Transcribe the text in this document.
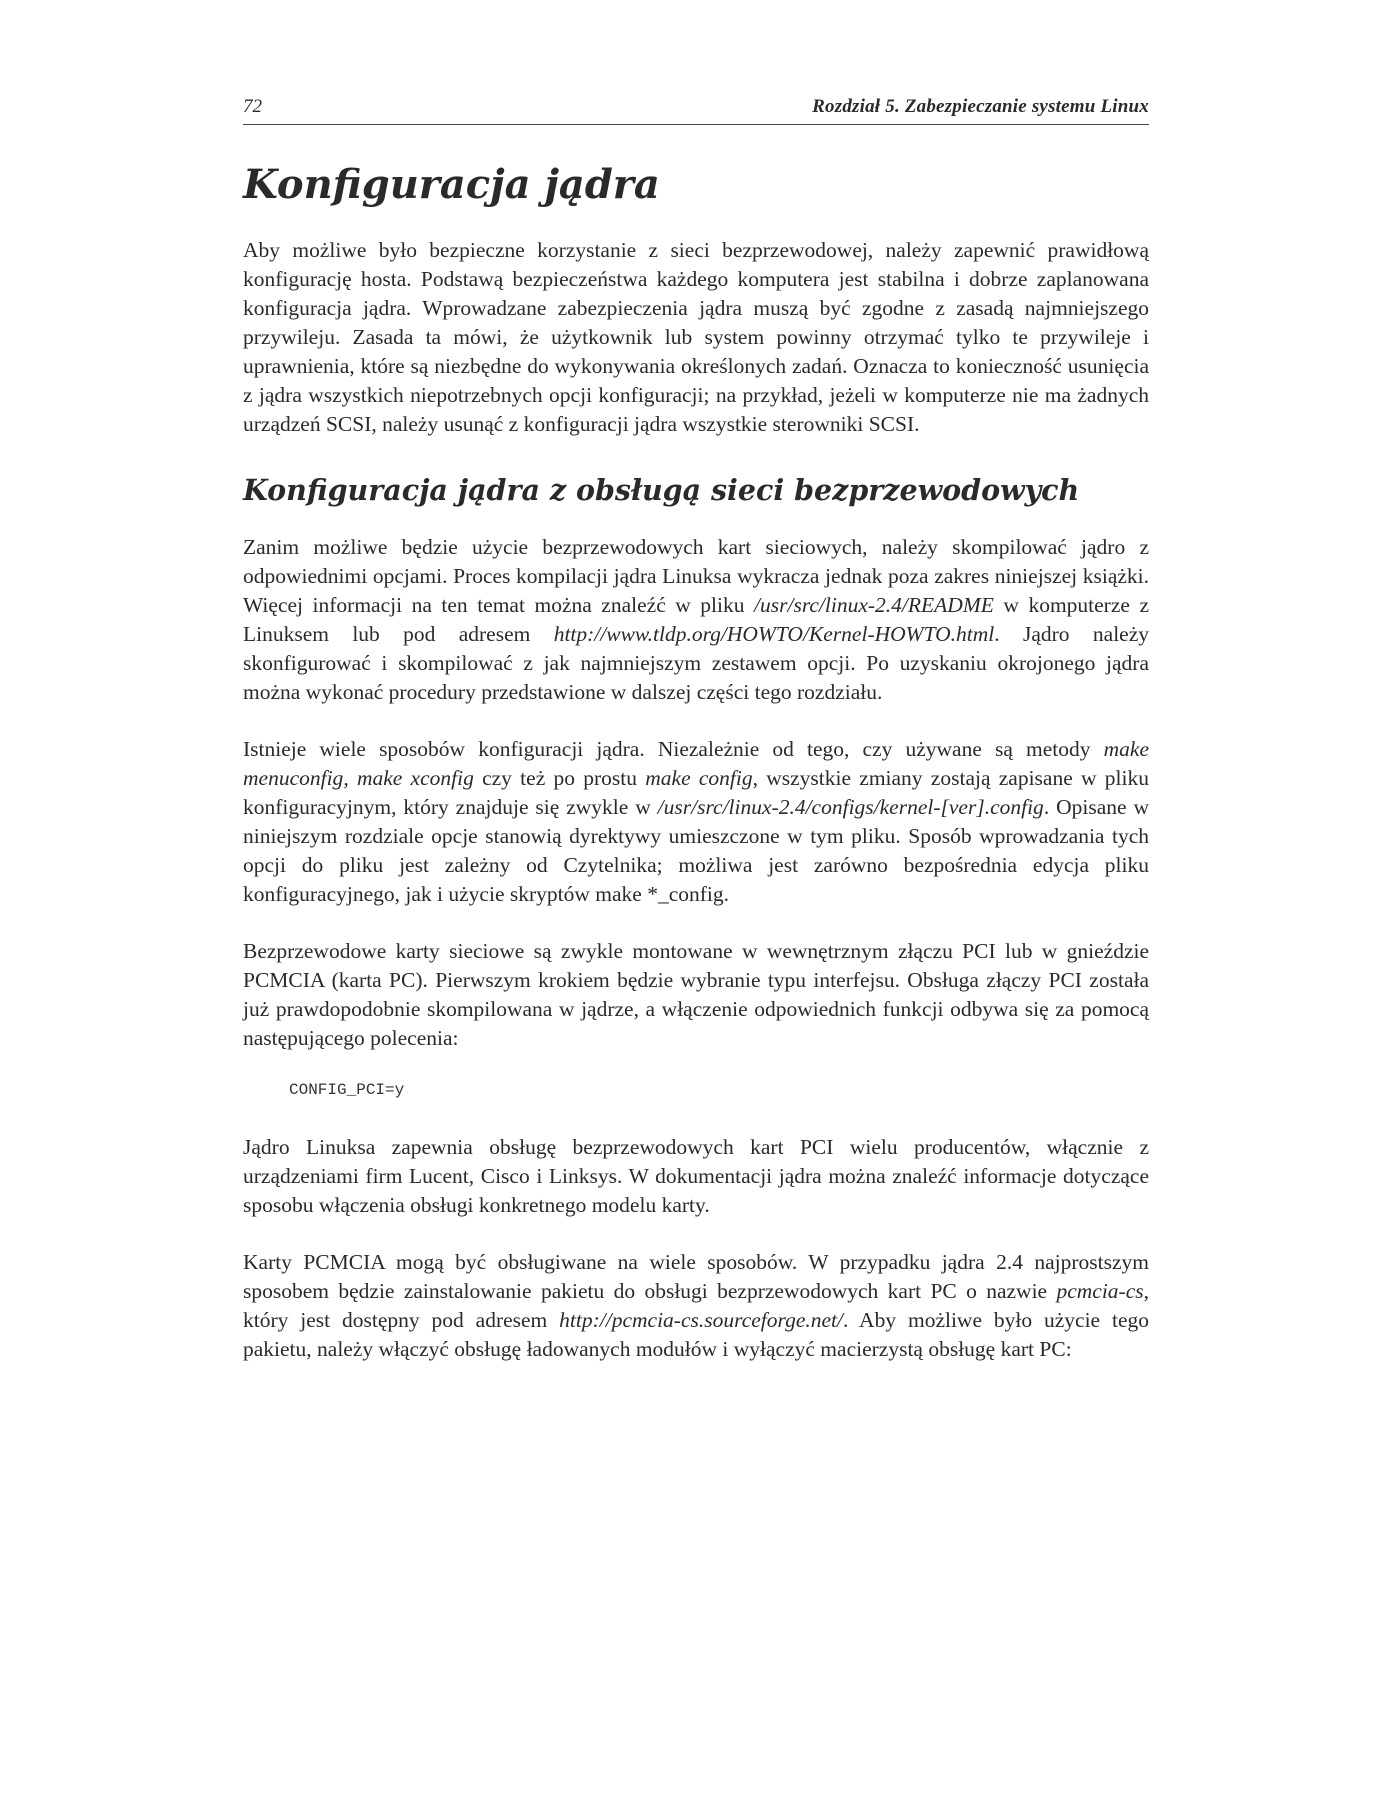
72	Rozdział 5. Zabezpieczanie systemu Linux
Konfiguracja jądra

Aby możliwe było bezpieczne korzystanie z sieci bezprzewodowej, należy zapewnić prawidłową konfigurację hosta. Podstawą bezpieczeństwa każdego komputera jest stabilna i dobrze zaplanowana konfiguracja jądra. Wprowadzane zabezpieczenia jądra muszą być zgodne z zasadą najmniejszego przywileju. Zasada ta mówi, że użytkownik lub system powinny otrzymać tylko te przywileje i uprawnienia, które są niezbędne do wykonywania określonych zadań. Oznacza to konieczność usunięcia z jądra wszystkich niepotrzebnych opcji konfiguracji; na przykład, jeżeli w komputerze nie ma żadnych urządzeń SCSI, należy usunąć z konfiguracji jądra wszystkie sterowniki SCSI.

Konfiguracja jądra z obsługą sieci bezprzewodowych

Zanim możliwe będzie użycie bezprzewodowych kart sieciowych, należy skompilować jądro z odpowiednimi opcjami. Proces kompilacji jądra Linuksa wykracza jednak poza zakres niniejszej książki. Więcej informacji na ten temat można znaleźć w pliku /usr/src/linux-2.4/README w komputerze z Linuksem lub pod adresem http://www.tldp.org/HOWTO/Kernel-HOWTO.html. Jądro należy skonfigurować i skompilować z jak najmniejszym zestawem opcji. Po uzyskaniu okrojonego jądra można wykonać procedury przedstawione w dalszej części tego rozdziału.

Istnieje wiele sposobów konfiguracji jądra. Niezależnie od tego, czy używane są metody make menuconfig, make xconfig czy też po prostu make config, wszystkie zmiany zostają zapisane w pliku konfiguracyjnym, który znajduje się zwykle w /usr/src/linux-2.4/configs/kernel-[ver].config. Opisane w niniejszym rozdziale opcje stanowią dyrektywy umieszczone w tym pliku. Sposób wprowadzania tych opcji do pliku jest zależny od Czytelnika; możliwa jest zarówno bezpośrednia edycja pliku konfiguracyjnego, jak i użycie skryptów make *_config.

Bezprzewodowe karty sieciowe są zwykle montowane w wewnętrznym złączu PCI lub w gnieździe PCMCIA (karta PC). Pierwszym krokiem będzie wybranie typu interfejsu. Obsługa złączy PCI została już prawdopodobnie skompilowana w jądrze, a włączenie odpowiednich funkcji odbywa się za pomocą następującego polecenia:

CONFIG_PCI=y

Jądro Linuksa zapewnia obsługę bezprzewodowych kart PCI wielu producentów, włącznie z urządzeniami firm Lucent, Cisco i Linksys. W dokumentacji jądra można znaleźć informacje dotyczące sposobu włączenia obsługi konkretnego modelu karty.

Karty PCMCIA mogą być obsługiwane na wiele sposobów. W przypadku jądra 2.4 najprostszym sposobem będzie zainstalowanie pakietu do obsługi bezprzewodowych kart PC o nazwie pcmcia-cs, który jest dostępny pod adresem http://pcmcia-cs.sourceforge.net/. Aby możliwe było użycie tego pakietu, należy włączyć obsługę ładowanych modułów i wyłączyć macierzystą obsługę kart PC:
